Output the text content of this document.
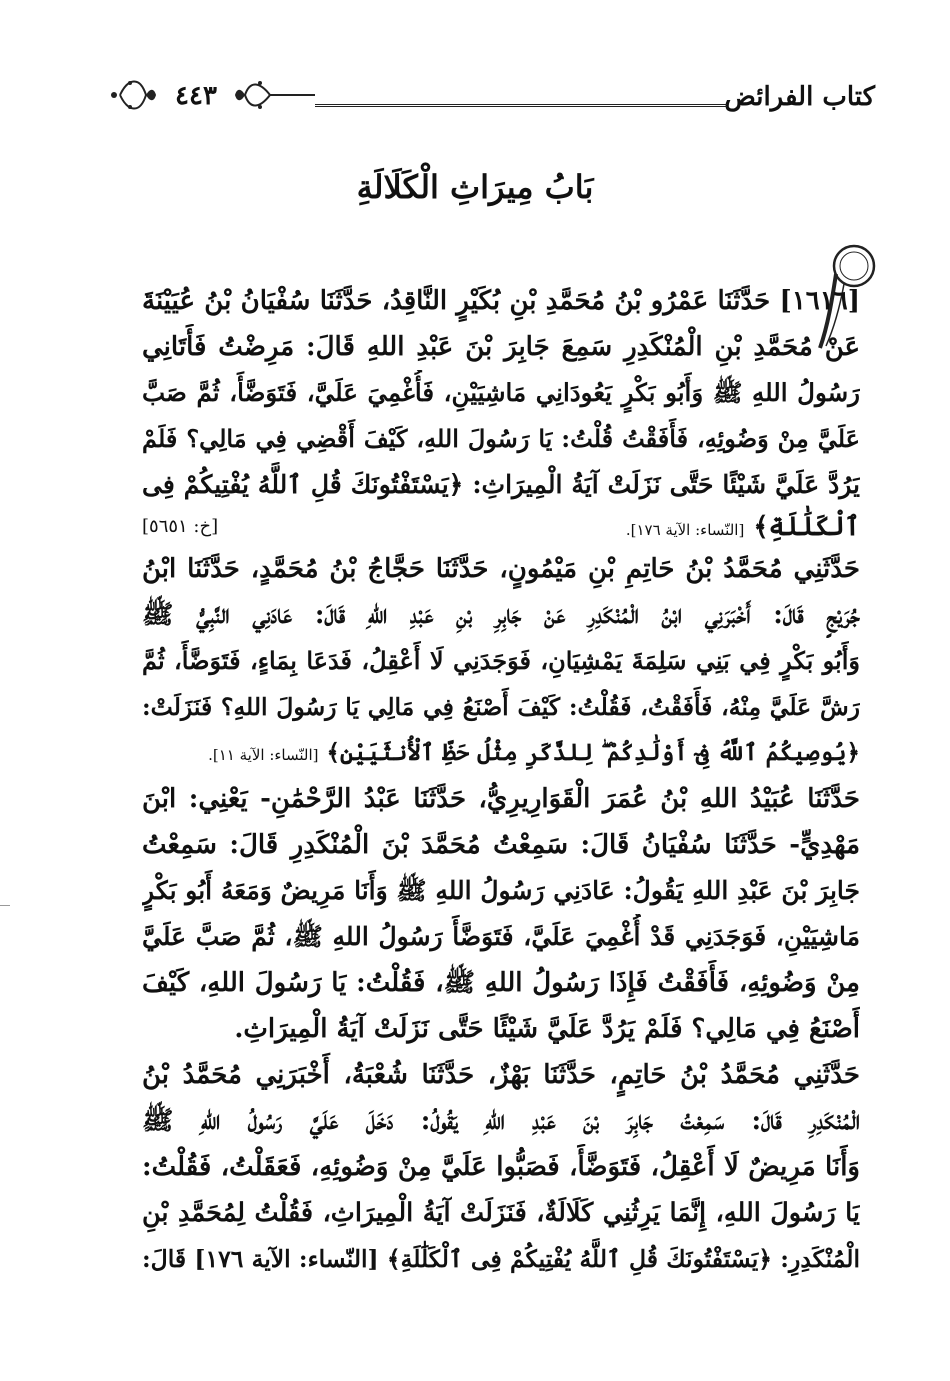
كتاب الفرائض
٤٤٣
بَابُ مِيرَاثِ الْكَلَالَةِ
[١٦١٦] حَدَّثَنَا عَمْرُو بْنُ مُحَمَّدِ بْنِ بُكَيْرٍ النَّاقِدُ، حَدَّثَنَا سُفْيَانُ بْنُ عُيَيْنَةَ
عَنْ مُحَمَّدِ بْنِ الْمُنْكَدِرِ سَمِعَ جَابِرَ بْنَ عَبْدِ اللهِ قَالَ: مَرِضْتُ فَأَتَانِي
رَسُولُ اللهِ ﷺ وَأَبُو بَكْرٍ يَعُودَانِي مَاشِيَيْنِ، فَأُغْمِيَ عَلَيَّ، فَتَوَضَّأَ، ثُمَّ صَبَّ
عَلَيَّ مِنْ وَضُوئِهِ، فَأَفَقْتُ قُلْتُ: يَا رَسُولَ اللهِ، كَيْفَ أَقْضِي فِي مَالِي؟ فَلَمْ
يَرُدَّ عَلَيَّ شَيْئًا حَتَّى نَزَلَتْ آيَةُ الْمِيرَاثِ: ﴿يَسْتَفْتُونَكَ قُلِ ٱللَّهُ يُفْتِيكُمْ فِى
ٱلْكَلَٰلَةِ﴾ [النّساء: الآية ١٧٦].
[خ: ٥٦٥١]
حَدَّثَنِي مُحَمَّدُ بْنُ حَاتِمِ بْنِ مَيْمُونٍ، حَدَّثَنَا حَجَّاجُ بْنُ مُحَمَّدٍ، حَدَّثَنَا ابْنُ
جُرَيْجٍ قَالَ: أَخْبَرَنِي ابْنُ الْمُنْكَدِرِ عَنْ جَابِرِ بْنِ عَبْدِ اللهِ قَالَ: عَادَنِي النَّبِيُّ ﷺ
وَأَبُو بَكْرٍ فِي بَنِي سَلِمَةَ يَمْشِيَانِ، فَوَجَدَنِي لَا أَعْقِلُ، فَدَعَا بِمَاءٍ، فَتَوَضَّأَ، ثُمَّ
رَشَّ عَلَيَّ مِنْهُ، فَأَفَقْتُ، فَقُلْتُ: كَيْفَ أَصْنَعُ فِي مَالِي يَا رَسُولَ اللهِ؟ فَنَزَلَتْ:
﴿يُوصِيكُمُ ٱللَّهُ فِىٓ أَوْلَٰدِكُمْ ۖ لِلذَّكَرِ مِثْلُ حَظِّ ٱلْأُنثَيَيْنِ﴾ [النّساء: الآية ١١].
حَدَّثَنَا عُبَيْدُ اللهِ بْنُ عُمَرَ الْقَوَارِيرِيُّ، حَدَّثَنَا عَبْدُ الرَّحْمَٰنِ- يَعْنِي: ابْنَ
مَهْدِيٍّ- حَدَّثَنَا سُفْيَانُ قَالَ: سَمِعْتُ مُحَمَّدَ بْنَ الْمُنْكَدِرِ قَالَ: سَمِعْتُ
جَابِرَ بْنَ عَبْدِ اللهِ يَقُولُ: عَادَنِي رَسُولُ اللهِ ﷺ وَأَنَا مَرِيضٌ وَمَعَهُ أَبُو بَكْرٍ
مَاشِيَيْنِ، فَوَجَدَنِي قَدْ أُغْمِيَ عَلَيَّ، فَتَوَضَّأَ رَسُولُ اللهِ ﷺ، ثُمَّ صَبَّ عَلَيَّ
مِنْ وَضُوئِهِ، فَأَفَقْتُ فَإِذَا رَسُولُ اللهِ ﷺ، فَقُلْتُ: يَا رَسُولَ اللهِ، كَيْفَ
أَصْنَعُ فِي مَالِي؟ فَلَمْ يَرُدَّ عَلَيَّ شَيْئًا حَتَّى نَزَلَتْ آيَةُ الْمِيرَاثِ.
حَدَّثَنِي مُحَمَّدُ بْنُ حَاتِمٍ، حَدَّثَنَا بَهْزٌ، حَدَّثَنَا شُعْبَةُ، أَخْبَرَنِي مُحَمَّدُ بْنُ
الْمُنْكَدِرِ قَالَ: سَمِعْتُ جَابِرَ بْنَ عَبْدِ اللهِ يَقُولُ: دَخَلَ عَلَيَّ رَسُولُ اللهِ ﷺ
وَأَنَا مَرِيضٌ لَا أَعْقِلُ، فَتَوَضَّأَ، فَصَبُّوا عَلَيَّ مِنْ وَضُوئِهِ، فَعَقَلْتُ، فَقُلْتُ:
يَا رَسُولَ اللهِ، إِنَّمَا يَرِثُنِي كَلَالَةٌ، فَنَزَلَتْ آيَةُ الْمِيرَاثِ، فَقُلْتُ لِمُحَمَّدِ بْنِ
الْمُنْكَدِرِ: ﴿يَسْتَفْتُونَكَ قُلِ ٱللَّهُ يُفْتِيكُمْ فِى ٱلْكَلَٰلَةِ﴾ [النّساء: الآية ١٧٦] قَالَ:
